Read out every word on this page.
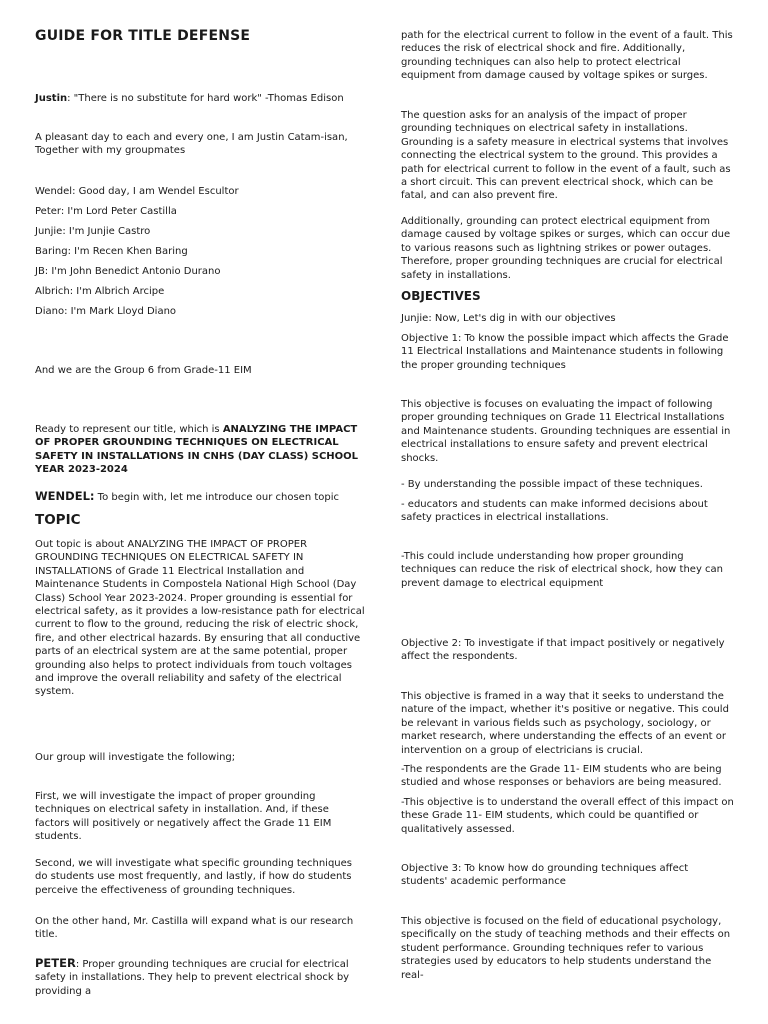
GUIDE FOR TITLE DEFENSE

Justin: "There is no substitute for hard work" -Thomas Edison

A pleasant day to each and every one, I am Justin Catam-isan, Together with my groupmates

Wendel: Good day, I am Wendel Escultor

Peter: I'm Lord Peter Castilla

Junjie: I'm Junjie Castro

Baring: I'm Recen Khen Baring

JB: I'm John Benedict Antonio Durano

Albrich: I'm Albrich Arcipe

Diano: I'm Mark Lloyd Diano

And we are the Group 6 from Grade-11 EIM

Ready to represent our title, which is ANALYZING THE IMPACT OF PROPER GROUNDING TECHNIQUES ON ELECTRICAL SAFETY IN INSTALLATIONS IN CNHS (DAY CLASS) SCHOOL YEAR 2023-2024

WENDEL: To begin with, let me introduce our chosen topic

TOPIC

Out topic is about ANALYZING THE IMPACT OF PROPER GROUNDING TECHNIQUES ON ELECTRICAL SAFETY IN INSTALLATIONS of Grade 11 Electrical Installation and Maintenance Students in Compostela National High School (Day Class) School Year 2023-2024. Proper grounding is essential for electrical safety, as it provides a low-resistance path for electrical current to flow to the ground, reducing the risk of electric shock, fire, and other electrical hazards. By ensuring that all conductive parts of an electrical system are at the same potential, proper grounding also helps to protect individuals from touch voltages and improve the overall reliability and safety of the electrical system.

Our group will investigate the following;

First, we will investigate the impact of proper grounding techniques on electrical safety in installation. And, if these factors will positively or negatively affect the Grade 11 EIM students.

Second, we will investigate what specific grounding techniques do students use most frequently, and lastly, if how do students perceive the effectiveness of grounding techniques.

On the other hand, Mr. Castilla will expand what is our research title.

PETER: Proper grounding techniques are crucial for electrical safety in installations. They help to prevent electrical shock by providing a

path for the electrical current to follow in the event of a fault. This reduces the risk of electrical shock and fire. Additionally, grounding techniques can also help to protect electrical equipment from damage caused by voltage spikes or surges.

The question asks for an analysis of the impact of proper grounding techniques on electrical safety in installations. Grounding is a safety measure in electrical systems that involves connecting the electrical system to the ground. This provides a path for electrical current to follow in the event of a fault, such as a short circuit. This can prevent electrical shock, which can be fatal, and can also prevent fire.

Additionally, grounding can protect electrical equipment from damage caused by voltage spikes or surges, which can occur due to various reasons such as lightning strikes or power outages. Therefore, proper grounding techniques are crucial for electrical safety in installations.

OBJECTIVES

Junjie: Now, Let's dig in with our objectives

Objective 1: To know the possible impact which affects the Grade 11 Electrical Installations and Maintenance students in following the proper grounding techniques

This objective is focuses on evaluating the impact of following proper grounding techniques on Grade 11 Electrical Installations and Maintenance students. Grounding techniques are essential in electrical installations to ensure safety and prevent electrical shocks.

- By understanding the possible impact of these techniques.

- educators and students can make informed decisions about safety practices in electrical installations.

-This could include understanding how proper grounding techniques can reduce the risk of electrical shock, how they can prevent damage to electrical equipment

Objective 2: To investigate if that impact positively or negatively affect the respondents.

This objective is framed in a way that it seeks to understand the nature of the impact, whether it's positive or negative. This could be relevant in various fields such as psychology, sociology, or market research, where understanding the effects of an event or intervention on a group of electricians is crucial.

-The respondents are the Grade 11- EIM students who are being studied and whose responses or behaviors are being measured.

-This objective is to understand the overall effect of this impact on these Grade 11- EIM students, which could be quantified or qualitatively assessed.

Objective 3: To know how do grounding techniques affect students' academic performance

This objective is focused on the field of educational psychology, specifically on the study of teaching methods and their effects on student performance. Grounding techniques refer to various strategies used by educators to help students understand the real-
